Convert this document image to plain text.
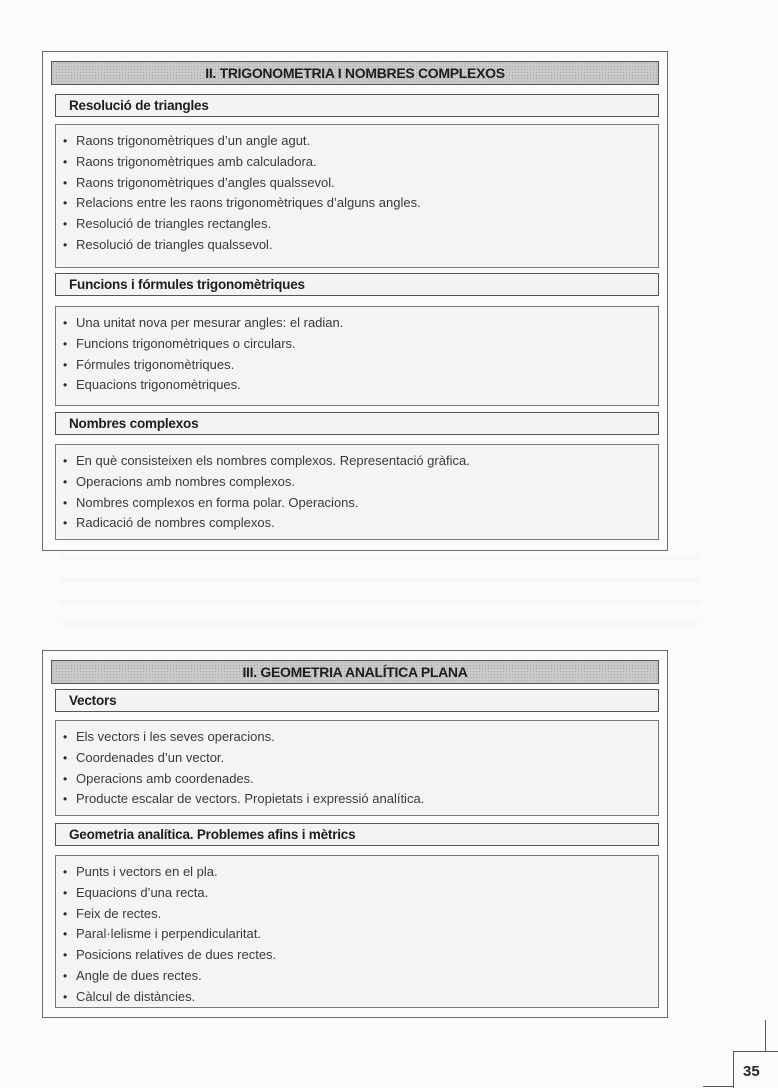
II. TRIGONOMETRIA I NOMBRES COMPLEXOS
Resolució de triangles
• Raons trigonomètriques d’un angle agut.
• Raons trigonomètriques amb calculadora.
• Raons trigonomètriques d’angles qualssevol.
• Relacions entre les raons trigonomètriques d’alguns angles.
• Resolució de triangles rectangles.
• Resolució de triangles qualssevol.
Funcions i fórmules trigonomètriques
• Una unitat nova per mesurar angles: el radian.
• Funcions trigonomètriques o circulars.
• Fórmules trigonomètriques.
• Equacions trigonomètriques.
Nombres complexos
• En què consisteixen els nombres complexos. Representació gràfica.
• Operacions amb nombres complexos.
• Nombres complexos en forma polar. Operacions.
• Radicació de nombres complexos.
III. GEOMETRIA ANALÍTICA PLANA
Vectors
• Els vectors i les seves operacions.
• Coordenades d’un vector.
• Operacions amb coordenades.
• Producte escalar de vectors. Propietats i expressió analítica.
Geometria analítica. Problemes afins i mètrics
• Punts i vectors en el pla.
• Equacions d’una recta.
• Feix de rectes.
• Paral·lelisme i perpendicularitat.
• Posicions relatives de dues rectes.
• Angle de dues rectes.
• Càlcul de distàncies.
35
